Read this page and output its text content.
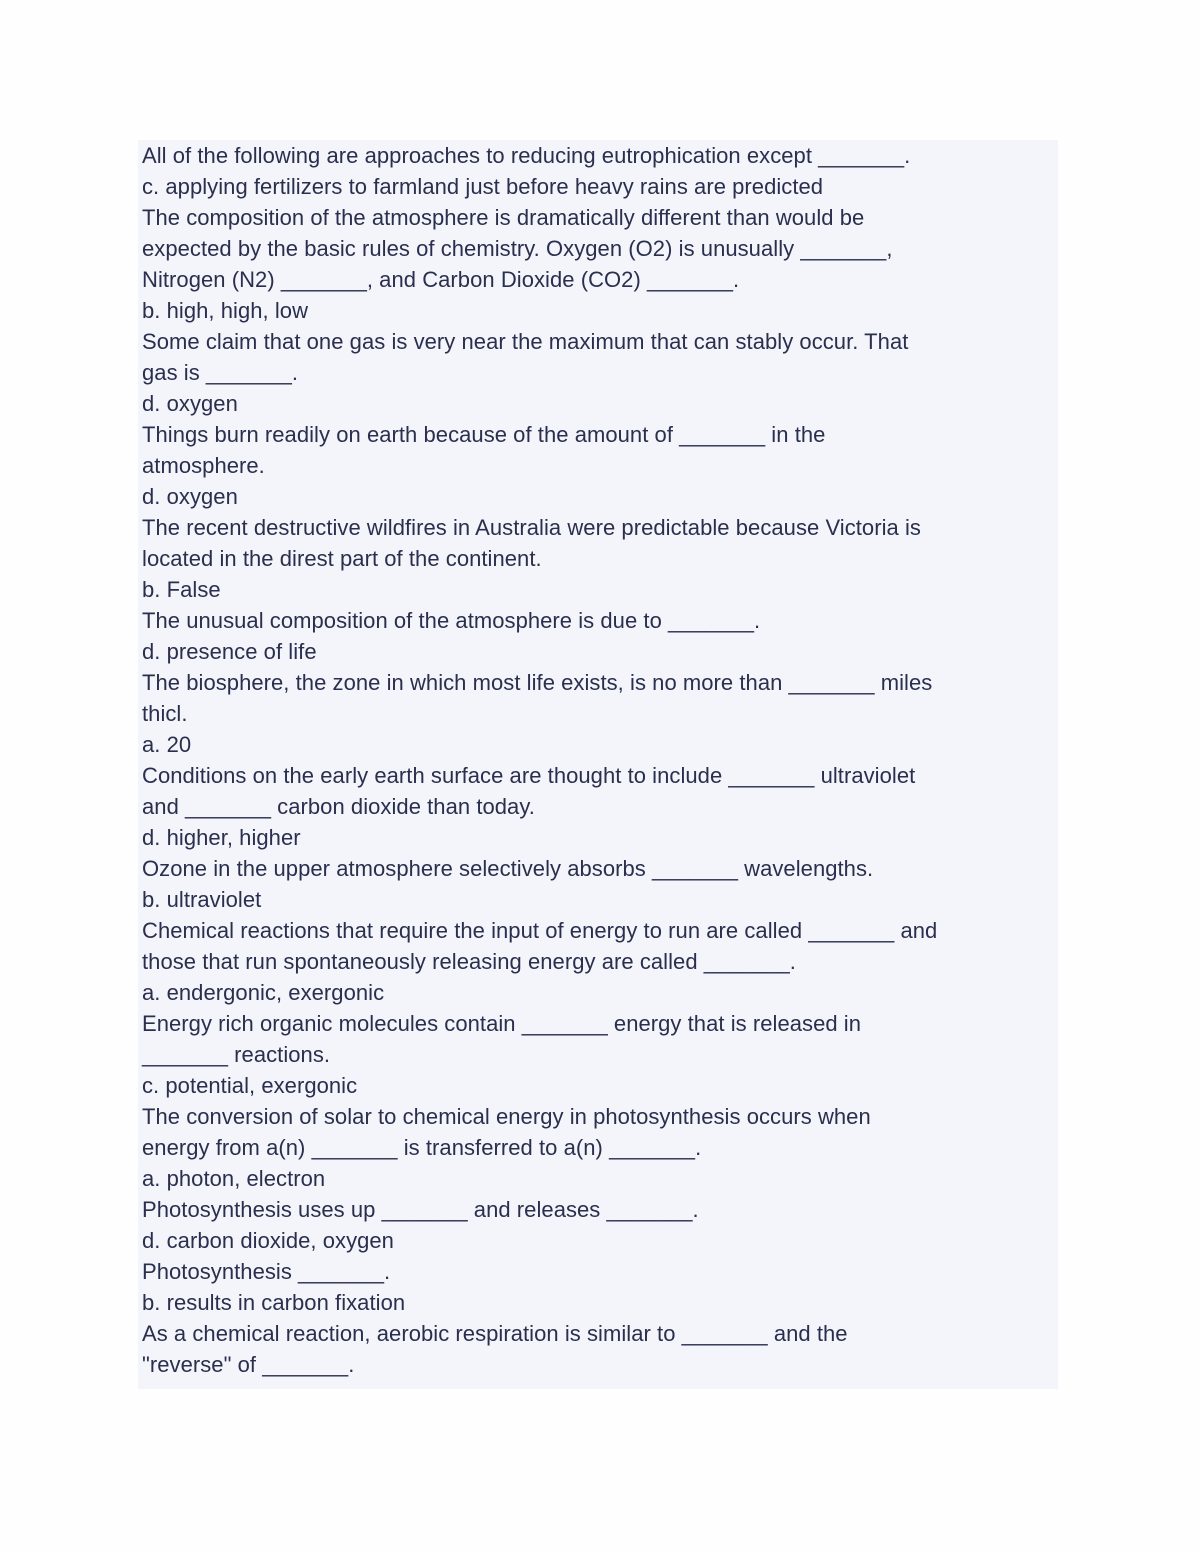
All of the following are approaches to reducing eutrophication except _______.
c. applying fertilizers to farmland just before heavy rains are predicted
The composition of the atmosphere is dramatically different than would be
expected by the basic rules of chemistry. Oxygen (O2) is unusually _______,
Nitrogen (N2) _______, and Carbon Dioxide (CO2) _______.
b. high, high, low
Some claim that one gas is very near the maximum that can stably occur. That
gas is _______.
d. oxygen
Things burn readily on earth because of the amount of _______ in the
atmosphere.
d. oxygen
The recent destructive wildfires in Australia were predictable because Victoria is
located in the direst part of the continent.
b. False
The unusual composition of the atmosphere is due to _______.
d. presence of life
The biosphere, the zone in which most life exists, is no more than _______ miles
thicl.
a. 20
Conditions on the early earth surface are thought to include _______ ultraviolet
and _______ carbon dioxide than today.
d. higher, higher
Ozone in the upper atmosphere selectively absorbs _______ wavelengths.
b. ultraviolet
Chemical reactions that require the input of energy to run are called _______ and
those that run spontaneously releasing energy are called _______.
a. endergonic, exergonic
Energy rich organic molecules contain _______ energy that is released in
_______ reactions.
c. potential, exergonic
The conversion of solar to chemical energy in photosynthesis occurs when
energy from a(n) _______ is transferred to a(n) _______.
a. photon, electron
Photosynthesis uses up _______ and releases _______.
d. carbon dioxide, oxygen
Photosynthesis _______.
b. results in carbon fixation
As a chemical reaction, aerobic respiration is similar to _______ and the
"reverse" of _______.
